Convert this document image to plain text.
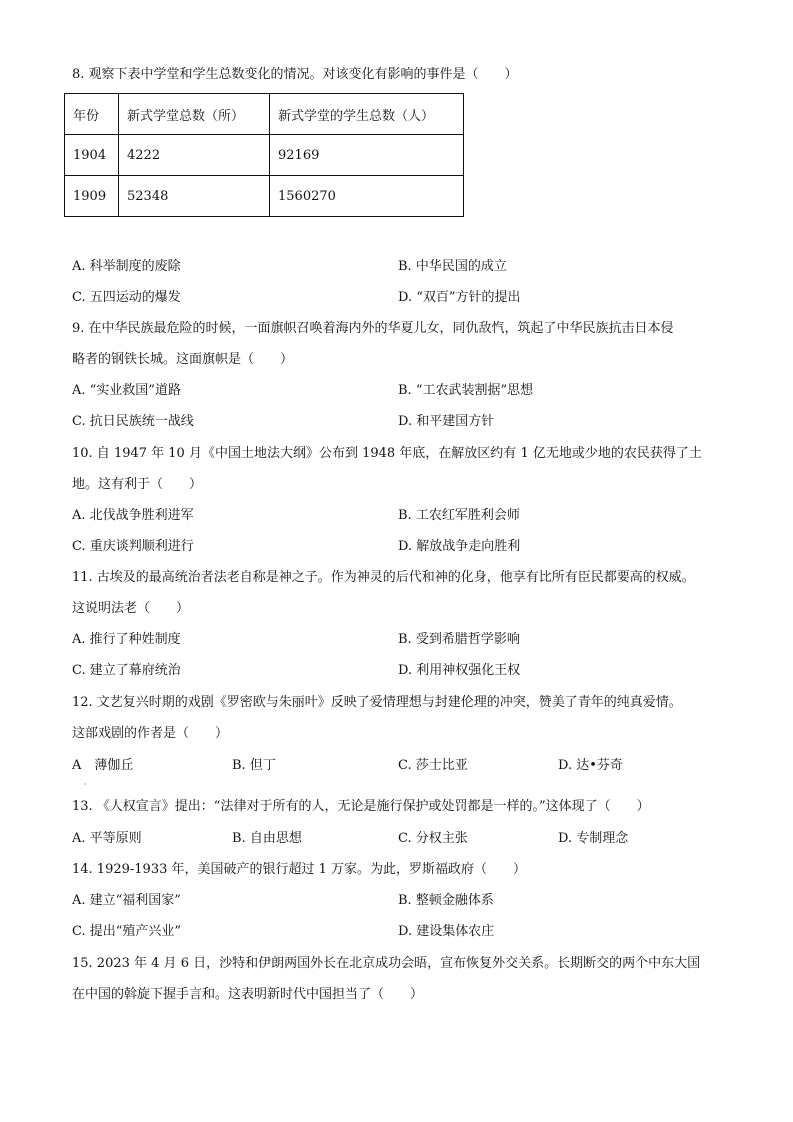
8. 观察下表中学堂和学生总数变化的情况。对该变化有影响的事件是（　　）
年份	新式学堂总数（所）	新式学堂的学生总数（人）
1904	4222	92169
1909	52348	1560270
A. 科举制度的废除	B. 中华民国的成立
C. 五四运动的爆发	D. “双百”方针的提出
9. 在中华民族最危险的时候，一面旗帜召唤着海内外的华夏儿女，同仇敌忾，筑起了中华民族抗击日本侵
略者的钢铁长城。这面旗帜是（　　）
A. “实业救国”道路	B. “工农武装割据”思想
C. 抗日民族统一战线	D. 和平建国方针
10. 自 1947 年 10 月《中国土地法大纲》公布到 1948 年底，在解放区约有 1 亿无地或少地的农民获得了土
地。这有利于（　　）
A. 北伐战争胜利进军	B. 工农红军胜利会师
C. 重庆谈判顺利进行	D. 解放战争走向胜利
11. 古埃及的最高统治者法老自称是神之子。作为神灵的后代和神的化身，他享有比所有臣民都要高的权威。
这说明法老（　　）
A. 推行了种姓制度	B. 受到希腊哲学影响
C. 建立了幕府统治	D. 利用神权强化王权
12. 文艺复兴时期的戏剧《罗密欧与朱丽叶》反映了爱情理想与封建伦理的冲突，赞美了青年的纯真爱情。
这部戏剧的作者是（　　）
A　薄伽丘	B. 但丁	C. 莎士比亚	D. 达•芬奇
·
13. 《人权宣言》提出：“法律对于所有的人，无论是施行保护或处罚都是一样的。”这体现了（　　）
A. 平等原则	B. 自由思想	C. 分权主张	D. 专制理念
14. 1929-1933 年，美国破产的银行超过 1 万家。为此，罗斯福政府（　　）
A. 建立“福利国家”	B. 整顿金融体系
C. 提出“殖产兴业”	D. 建设集体农庄
15. 2023 年 4 月 6 日，沙特和伊朗两国外长在北京成功会晤，宣布恢复外交关系。长期断交的两个中东大国
在中国的斡旋下握手言和。这表明新时代中国担当了（　　）
